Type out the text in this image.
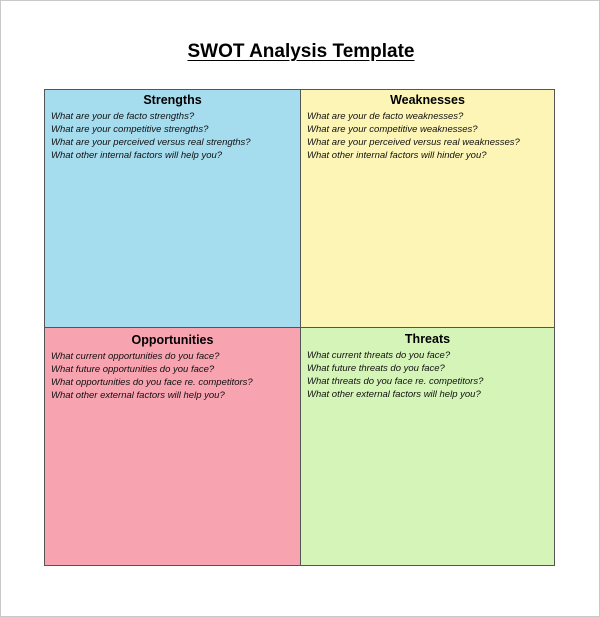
SWOT Analysis Template
Strengths
What are your de facto strengths?
What are your competitive strengths?
What are your perceived versus real strengths?
What other internal factors will help you?
Weaknesses
What are your de facto weaknesses?
What are your competitive weaknesses?
What are your perceived versus real weaknesses?
What other internal factors will hinder you?
Opportunities
What current opportunities do you face?
What future opportunities do you face?
What opportunities do you face re. competitors?
What other external factors will help you?
Threats
What current threats do you face?
What future threats do you face?
What threats do you face re. competitors?
What other external factors will help you?
